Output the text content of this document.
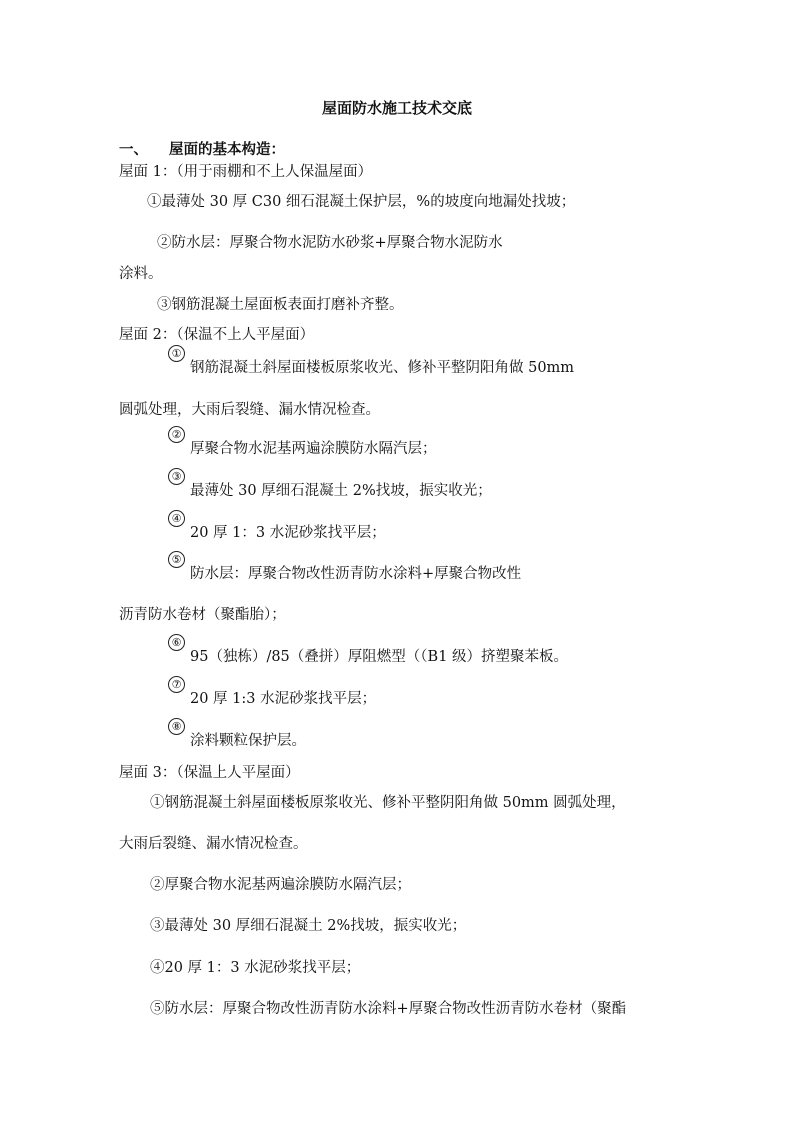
屋面防水施工技术交底
一、 屋面的基本构造：
屋面 1：（用于雨棚和不上人保温屋面）
①最薄处 30 厚 C30 细石混凝土保护层，%的坡度向地漏处找坡；
②防水层：厚聚合物水泥防水砂浆+厚聚合物水泥防水
涂料。
③钢筋混凝土屋面板表面打磨补齐整。
屋面 2：（保温不上人平屋面）
①
钢筋混凝土斜屋面楼板原浆收光、修补平整阴阳角做 50mm
圆弧处理，大雨后裂缝、漏水情况检查。
②
厚聚合物水泥基两遍涂膜防水隔汽层；
③
最薄处 30 厚细石混凝土 2%找坡，振实收光；
④
20 厚 1：3 水泥砂浆找平层；
⑤
防水层：厚聚合物改性沥青防水涂料+厚聚合物改性
沥青防水卷材（聚酯胎）；
⑥
95（独栋）/85（叠拼）厚阻燃型（（B1 级）挤塑聚苯板。
⑦
20 厚 1:3 水泥砂浆找平层；
⑧
涂料颗粒保护层。
屋面 3：（保温上人平屋面）
①钢筋混凝土斜屋面楼板原浆收光、修补平整阴阳角做 50mm 圆弧处理，
大雨后裂缝、漏水情况检查。
②厚聚合物水泥基两遍涂膜防水隔汽层；
③最薄处 30 厚细石混凝土 2%找坡，振实收光；
④20 厚 1：3 水泥砂浆找平层；
⑤防水层：厚聚合物改性沥青防水涂料+厚聚合物改性沥青防水卷材（聚酯
